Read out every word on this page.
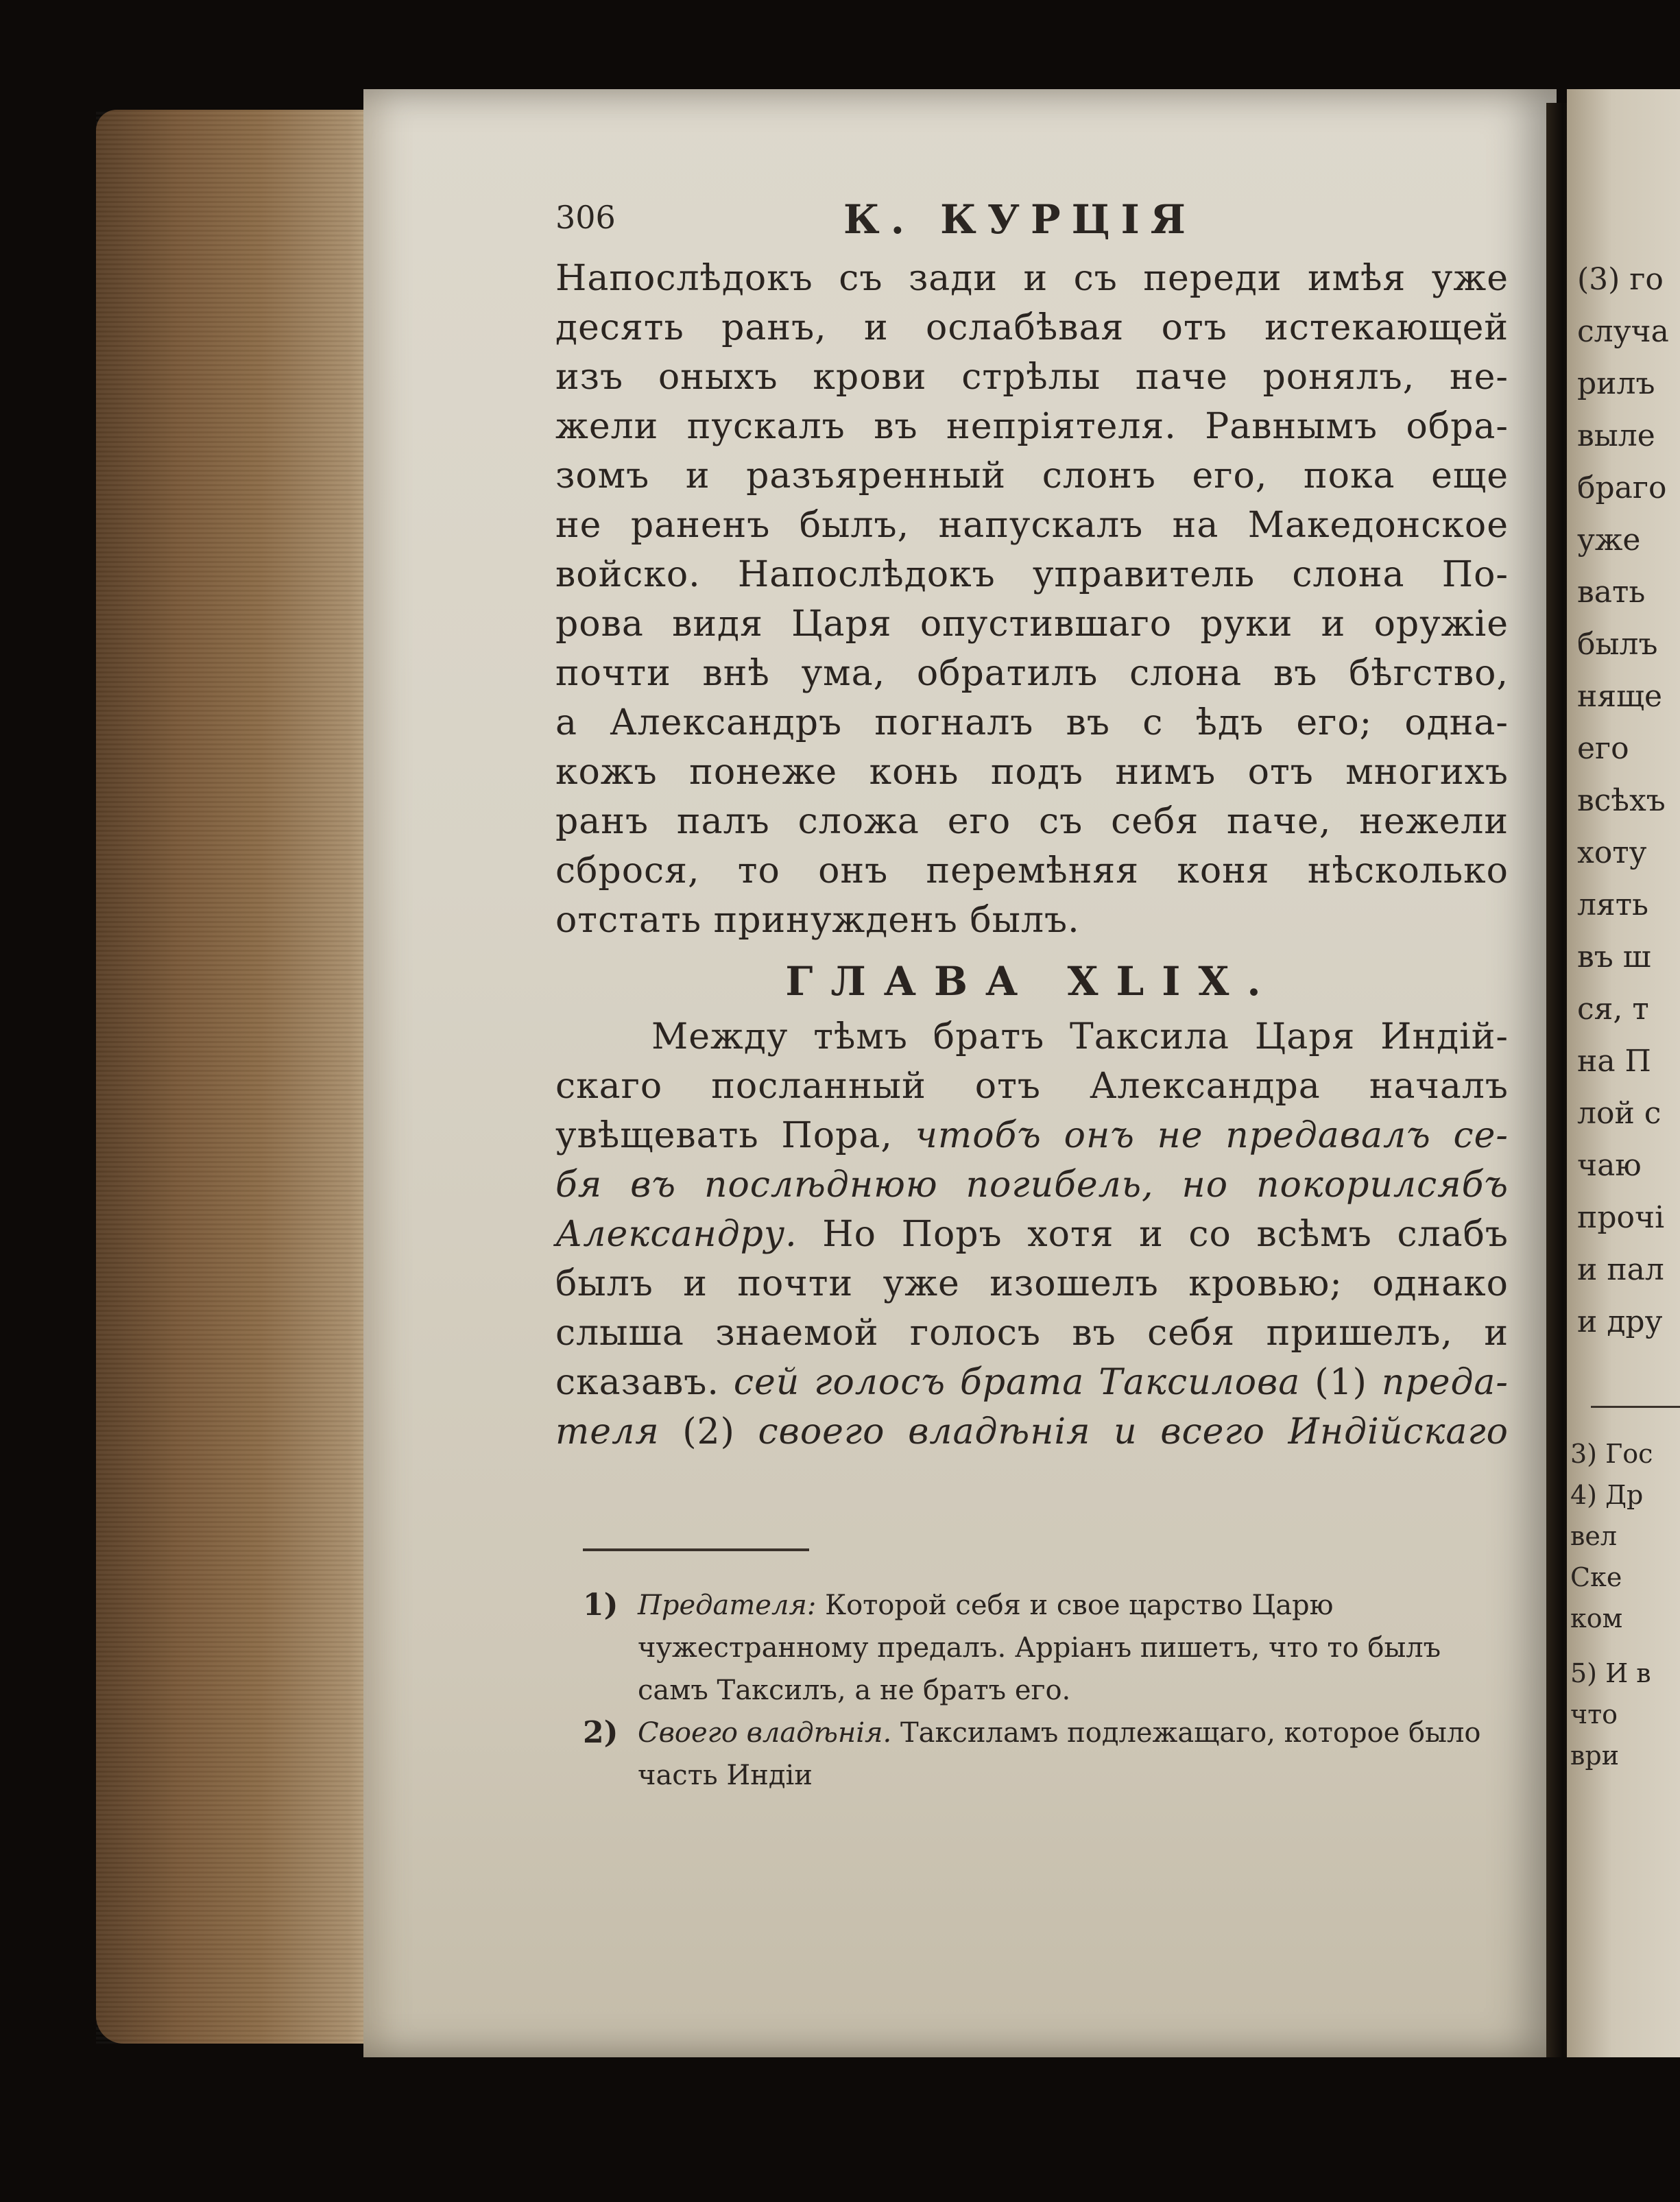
306	К. КУРЦІЯ
Напослѣдокъ съ зади и съ переди имѣя уже
десять ранъ, и ослабѣвая отъ истекающей
изъ оныхъ крови стрѣлы паче ронялъ, не-
жели пускалъ въ непріятеля. Равнымъ обра-
зомъ и разъяренный слонъ его, пока еще
не раненъ былъ, напускалъ на Македонское
войско. Напослѣдокъ управитель слона По-
рова видя Царя опустившаго руки и оружіе
почти внѣ ума, обратилъ слона въ бѣгство,
а Александръ погналъ въ с ѣдъ его; одна-
кожъ понеже конь подъ нимъ отъ многихъ
ранъ палъ сложа его съ себя паче, нежели
сброся, то онъ перемѣняя коня нѣсколько
отстать принужденъ былъ.
ГЛАВА XLIX.
Между тѣмъ братъ Таксила Царя Индій-
скаго посланный отъ Александра началъ
увѣщевать Пора, чтобъ онъ не предавалъ се-
бя въ послѣднюю погибель, но покорилсябъ
Александру. Но Поръ хотя и со всѣмъ слабъ
былъ и почти уже изошелъ кровью; однако
слыша знаемой голосъ въ себя пришелъ, и
сказавъ. сей голосъ брата Таксилова (1) преда-
теля (2) своего владѣнія и всего Индійскаго
1) Предателя: Которой себя и свое царство Царю чужестранному предалъ. Арріанъ пишетъ, что то былъ самъ Таксилъ, а не братъ его.
2) Своего владѣнія. Таксиламъ подлежащаго, которое было часть Индіи
(3) го
случа
рилъ
выле
браго
уже
вать
былъ
няще
его
всѣхъ
хоту
лять
въ ш
ся, т
на П
лой с
чаю
прочі
и пал
и дру
3) Гос
4) Др
вел
Ске
ком
5) И в
что
ври
